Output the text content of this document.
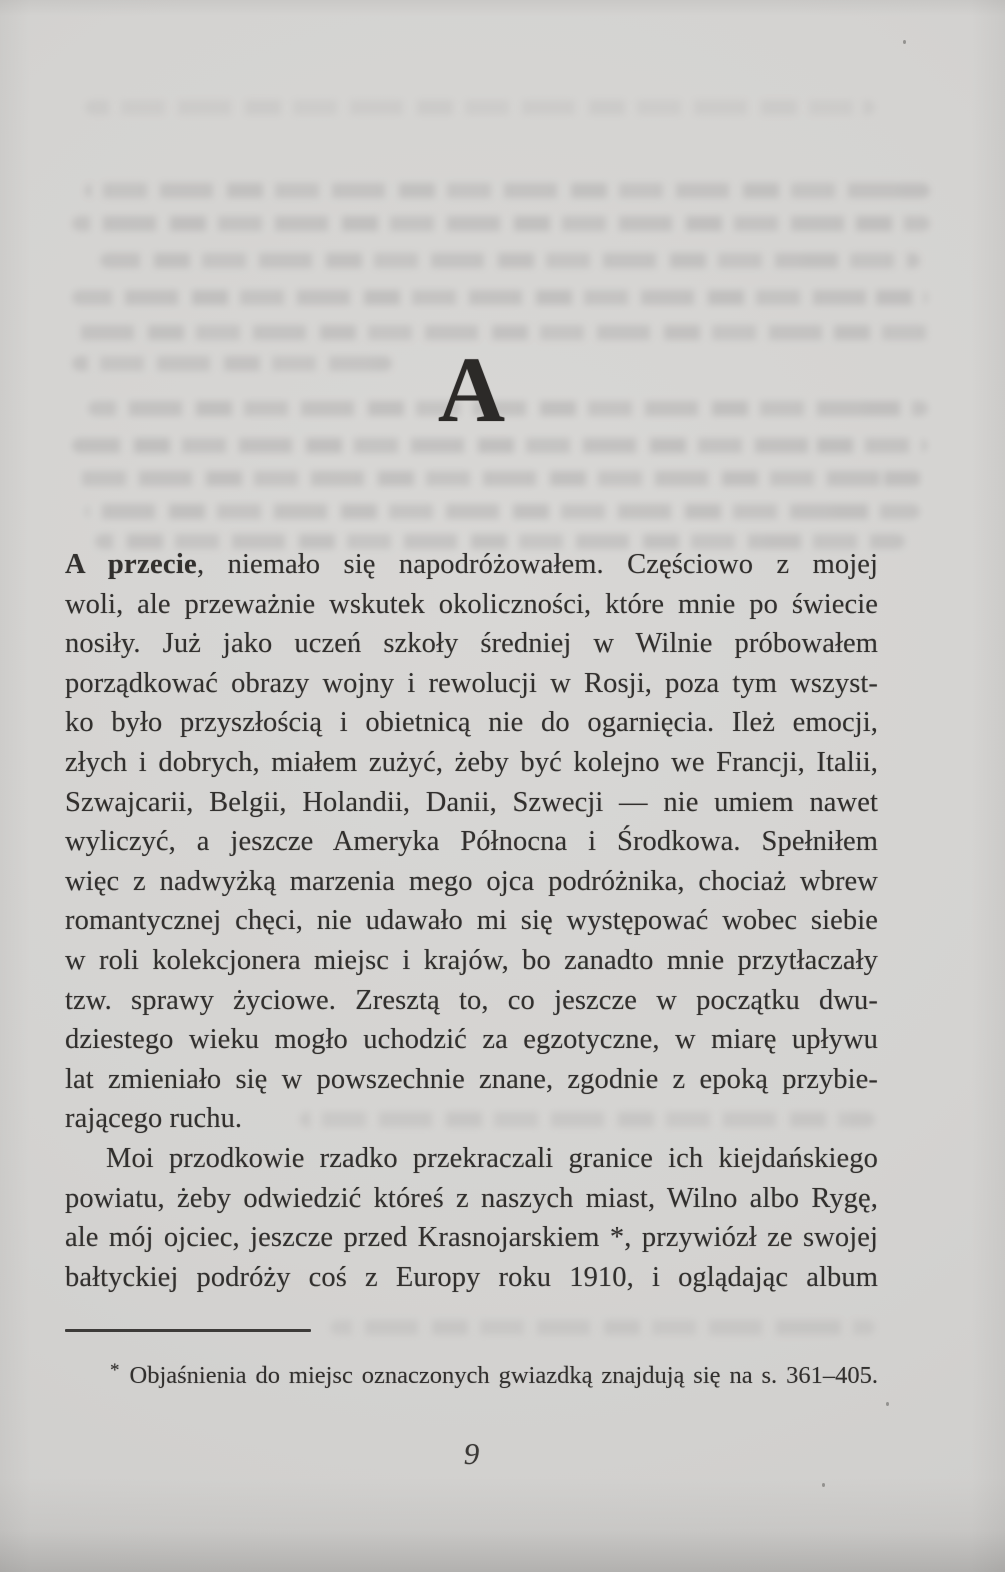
A
A przecie, niemało się napodróżowałem. Częściowo z mojej
woli, ale przeważnie wskutek okoliczności, które mnie po świecie
nosiły. Już jako uczeń szkoły średniej w Wilnie próbowałem
porządkować obrazy wojny i rewolucji w Rosji, poza tym wszyst-
ko było przyszłością i obietnicą nie do ogarnięcia. Ileż emocji,
złych i dobrych, miałem zużyć, żeby być kolejno we Francji, Italii,
Szwajcarii, Belgii, Holandii, Danii, Szwecji — nie umiem nawet
wyliczyć, a jeszcze Ameryka Północna i Środkowa. Spełniłem
więc z nadwyżką marzenia mego ojca podróżnika, chociaż wbrew
romantycznej chęci, nie udawało mi się występować wobec siebie
w roli kolekcjonera miejsc i krajów, bo zanadto mnie przytłaczały
tzw. sprawy życiowe. Zresztą to, co jeszcze w początku dwu-
dziestego wieku mogło uchodzić za egzotyczne, w miarę upływu
lat zmieniało się w powszechnie znane, zgodnie z epoką przybie-
rającego ruchu.
Moi przodkowie rzadko przekraczali granice ich kiejdańskiego
powiatu, żeby odwiedzić któreś z naszych miast, Wilno albo Rygę,
ale mój ojciec, jeszcze przed Krasnojarskiem *, przywiózł ze swojej
bałtyckiej podróży coś z Europy roku 1910, i oglądając album
* Objaśnienia do miejsc oznaczonych gwiazdką znajdują się na s. 361–405.
9
